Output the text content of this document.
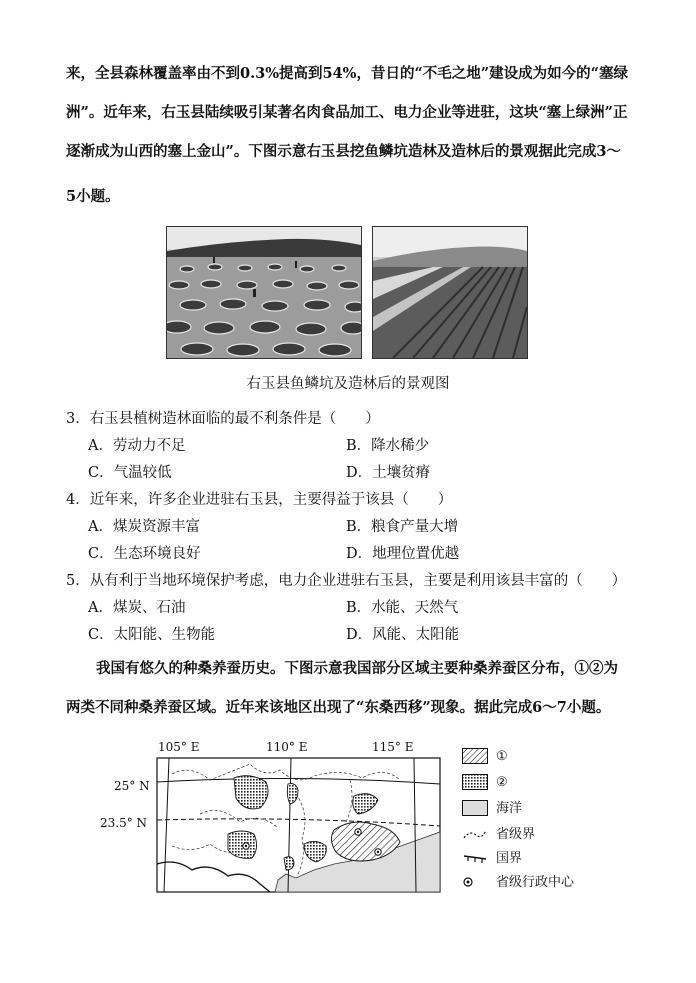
来，全县森林覆盖率由不到0.3%提高到54%，昔日的“不毛之地”建设成为如今的“塞绿
洲”。近年来，右玉县陆续吸引某著名肉食品加工、电力企业等进驻，这块“塞上绿洲”正
逐渐成为山西的塞上金山”。下图示意右玉县挖鱼鳞坑造林及造林后的景观据此完成3～
5小题。
右玉县鱼鳞坑及造林后的景观图
3．右玉县植树造林面临的最不利条件是（　　）
A．劳动力不足	B．降水稀少
C．气温较低	D．土壤贫瘠
4．近年来，许多企业进驻右玉县，主要得益于该县（　　）
A．煤炭资源丰富	B．粮食产量大增
C．生态环境良好	D．地理位置优越
5．从有利于当地环境保护考虑，电力企业进驻右玉县，主要是利用该县丰富的（　　）
A．煤炭、石油	B．水能、天然气
C．太阳能、生物能	D．风能、太阳能
我国有悠久的种桑养蚕历史。下图示意我国部分区域主要种桑养蚕区分布，①②为
两类不同种桑养蚕区域。近年来该地区出现了“东桑西移”现象。据此完成6～7小题。
105° E	110° E	115° E
25° N
23.5° N
①
②
海洋
省级界
国界
省级行政中心
